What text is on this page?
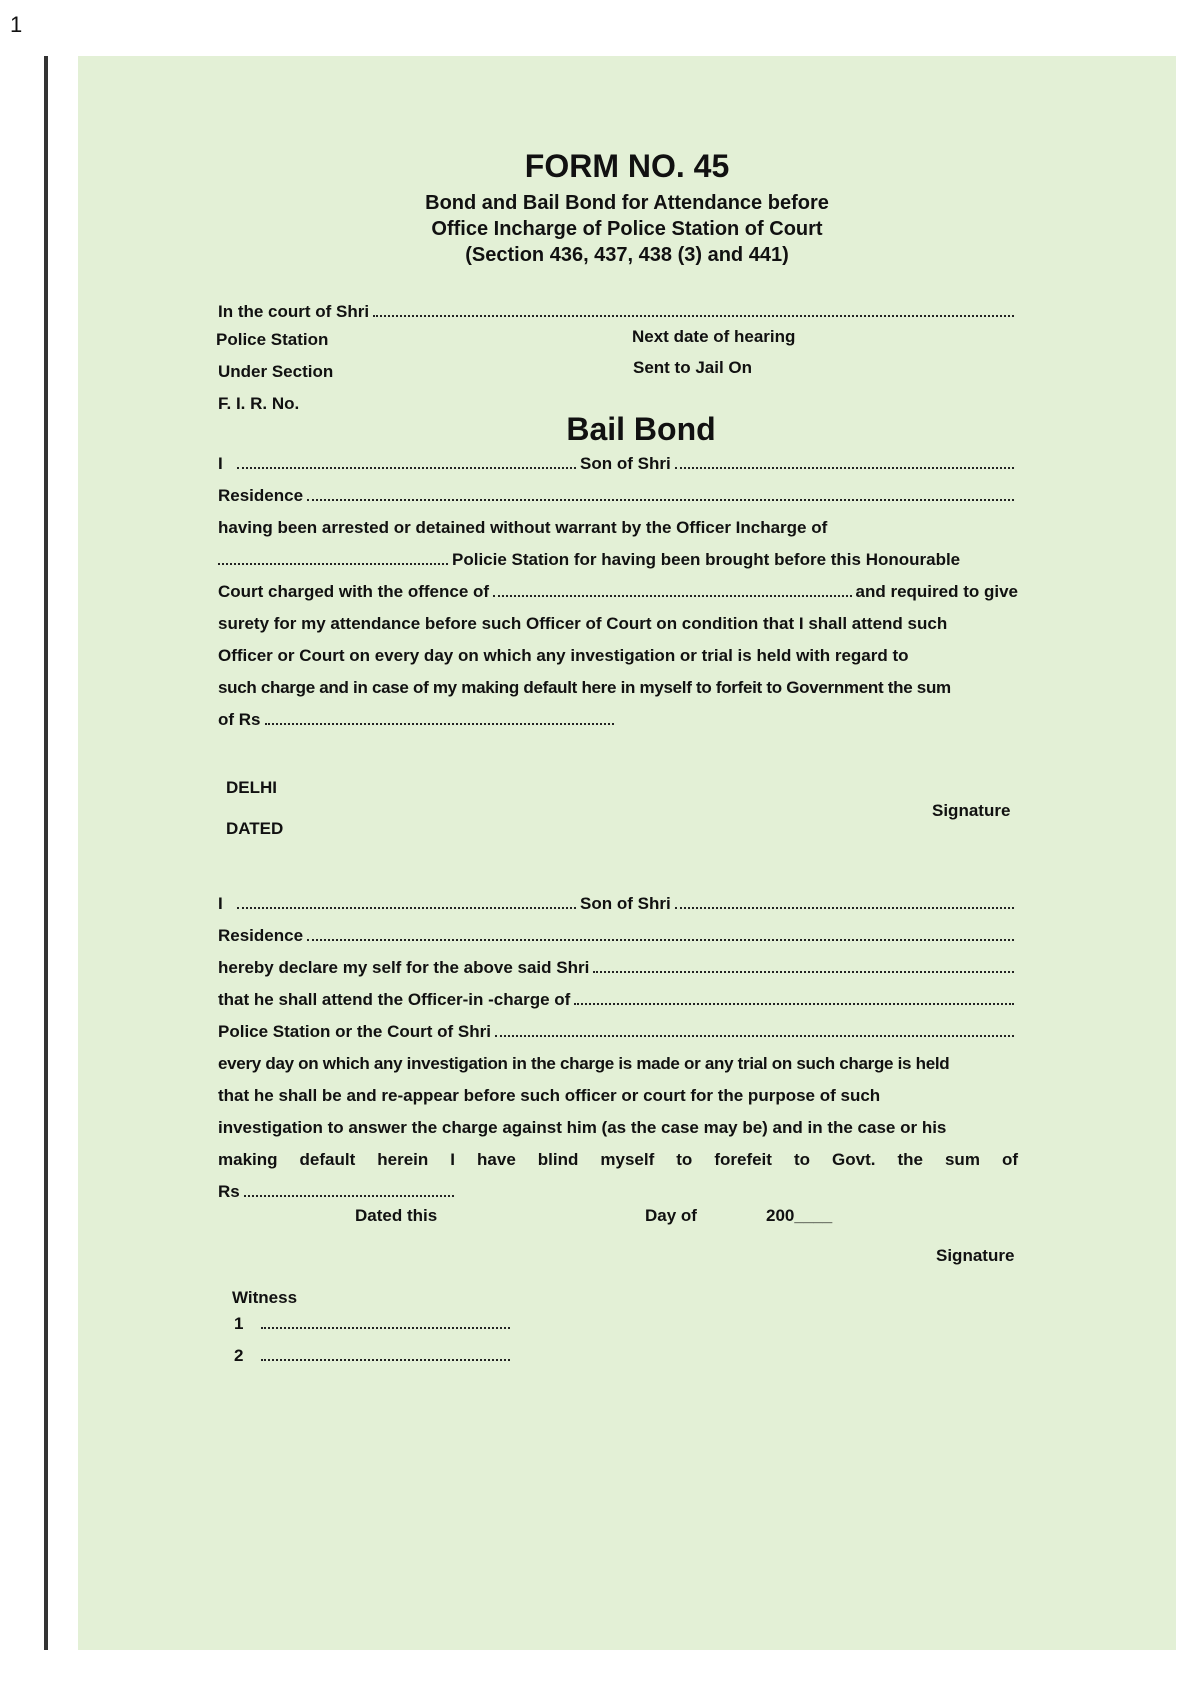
1
FORM NO. 45
Bond and Bail Bond for Attendance before
Office Incharge of Police Station of Court
(Section 436, 437, 438 (3) and 441)
In the court of Shri
Police Station	Next date of hearing
Under Section	Sent to Jail On
F. I. R. No.
Bail Bond
I	Son of Shri
Residence
having been arrested or detained without warrant by the Officer Incharge of
Policie Station for having been brought before this Honourable
Court charged with the offence of	and required to give
surety for my attendance before such Officer of Court on condition that I shall attend such
Officer or Court on every day on which any investigation or trial is held with regard to
such charge and in case of my making default here in myself to forfeit to Government the sum
of Rs
DELHI
DATED
Signature
I	Son of Shri
Residence
hereby declare my self for the above said Shri
that he shall attend the Officer-in -charge of
Police Station or the Court of Shri
every day on which any investigation in the charge is made or any trial on such charge is held
that he shall be and re-appear before such officer or court for the purpose of such
investigation to answer the charge against him (as the case may be) and in the case or his
making default herein I have blind myself to forefeit to Govt. the sum of
Rs
Dated this	Day of	200____
Signature
Witness
1
2
